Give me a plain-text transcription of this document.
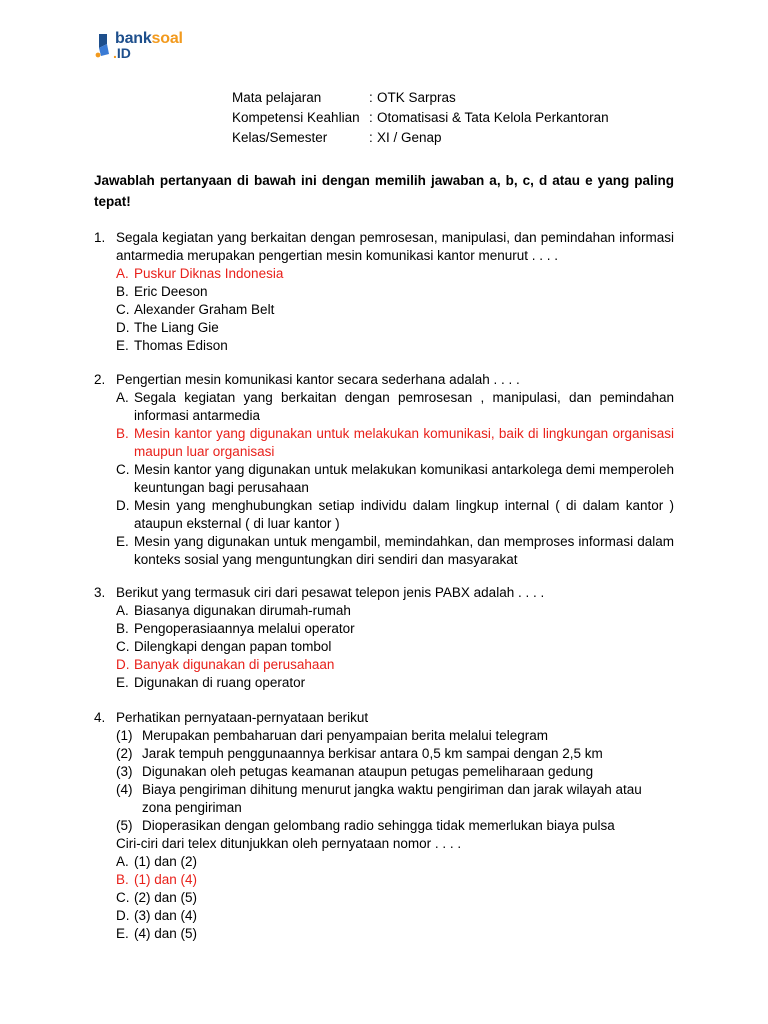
banksoal
.ID
Mata pelajaran	: OTK Sarpras
Kompetensi Keahlian : Otomatisasi & Tata Kelola Perkantoran
Kelas/Semester	: XI / Genap
Jawablah pertanyaan di bawah ini dengan memilih jawaban a, b, c, d atau e yang paling tepat!
1. Segala kegiatan yang berkaitan dengan pemrosesan, manipulasi, dan pemindahan informasi antarmedia merupakan pengertian mesin komunikasi kantor menurut . . . .
A. Puskur Diknas Indonesia
B. Eric Deeson
C. Alexander Graham Belt
D. The Liang Gie
E. Thomas Edison
2. Pengertian mesin komunikasi kantor secara sederhana adalah . . . .
A. Segala kegiatan yang berkaitan dengan pemrosesan , manipulasi, dan pemindahan informasi antarmedia
B. Mesin kantor yang digunakan untuk melakukan komunikasi, baik di lingkungan organisasi maupun luar organisasi
C. Mesin kantor yang digunakan untuk melakukan komunikasi antarkolega demi memperoleh keuntungan bagi perusahaan
D. Mesin yang menghubungkan setiap individu dalam lingkup internal ( di dalam kantor ) ataupun eksternal ( di luar kantor )
E. Mesin yang digunakan untuk mengambil, memindahkan, dan memproses informasi dalam konteks sosial yang menguntungkan diri sendiri dan masyarakat
3. Berikut yang termasuk ciri dari pesawat telepon jenis PABX adalah . . . .
A. Biasanya digunakan dirumah-rumah
B. Pengoperasiaannya melalui operator
C. Dilengkapi dengan papan tombol
D. Banyak digunakan di perusahaan
E. Digunakan di ruang operator
4. Perhatikan pernyataan-pernyataan berikut
(1) Merupakan pembaharuan dari penyampaian berita melalui telegram
(2) Jarak tempuh penggunaannya berkisar antara 0,5 km sampai dengan 2,5 km
(3) Digunakan oleh petugas keamanan ataupun petugas pemeliharaan gedung
(4) Biaya pengiriman dihitung menurut jangka waktu pengiriman dan jarak wilayah atau zona pengiriman
(5) Dioperasikan dengan gelombang radio sehingga tidak memerlukan biaya pulsa
Ciri-ciri dari telex ditunjukkan oleh pernyataan nomor . . . .
A. (1) dan (2)
B. (1) dan (4)
C. (2) dan (5)
D. (3) dan (4)
E. (4) dan (5)
